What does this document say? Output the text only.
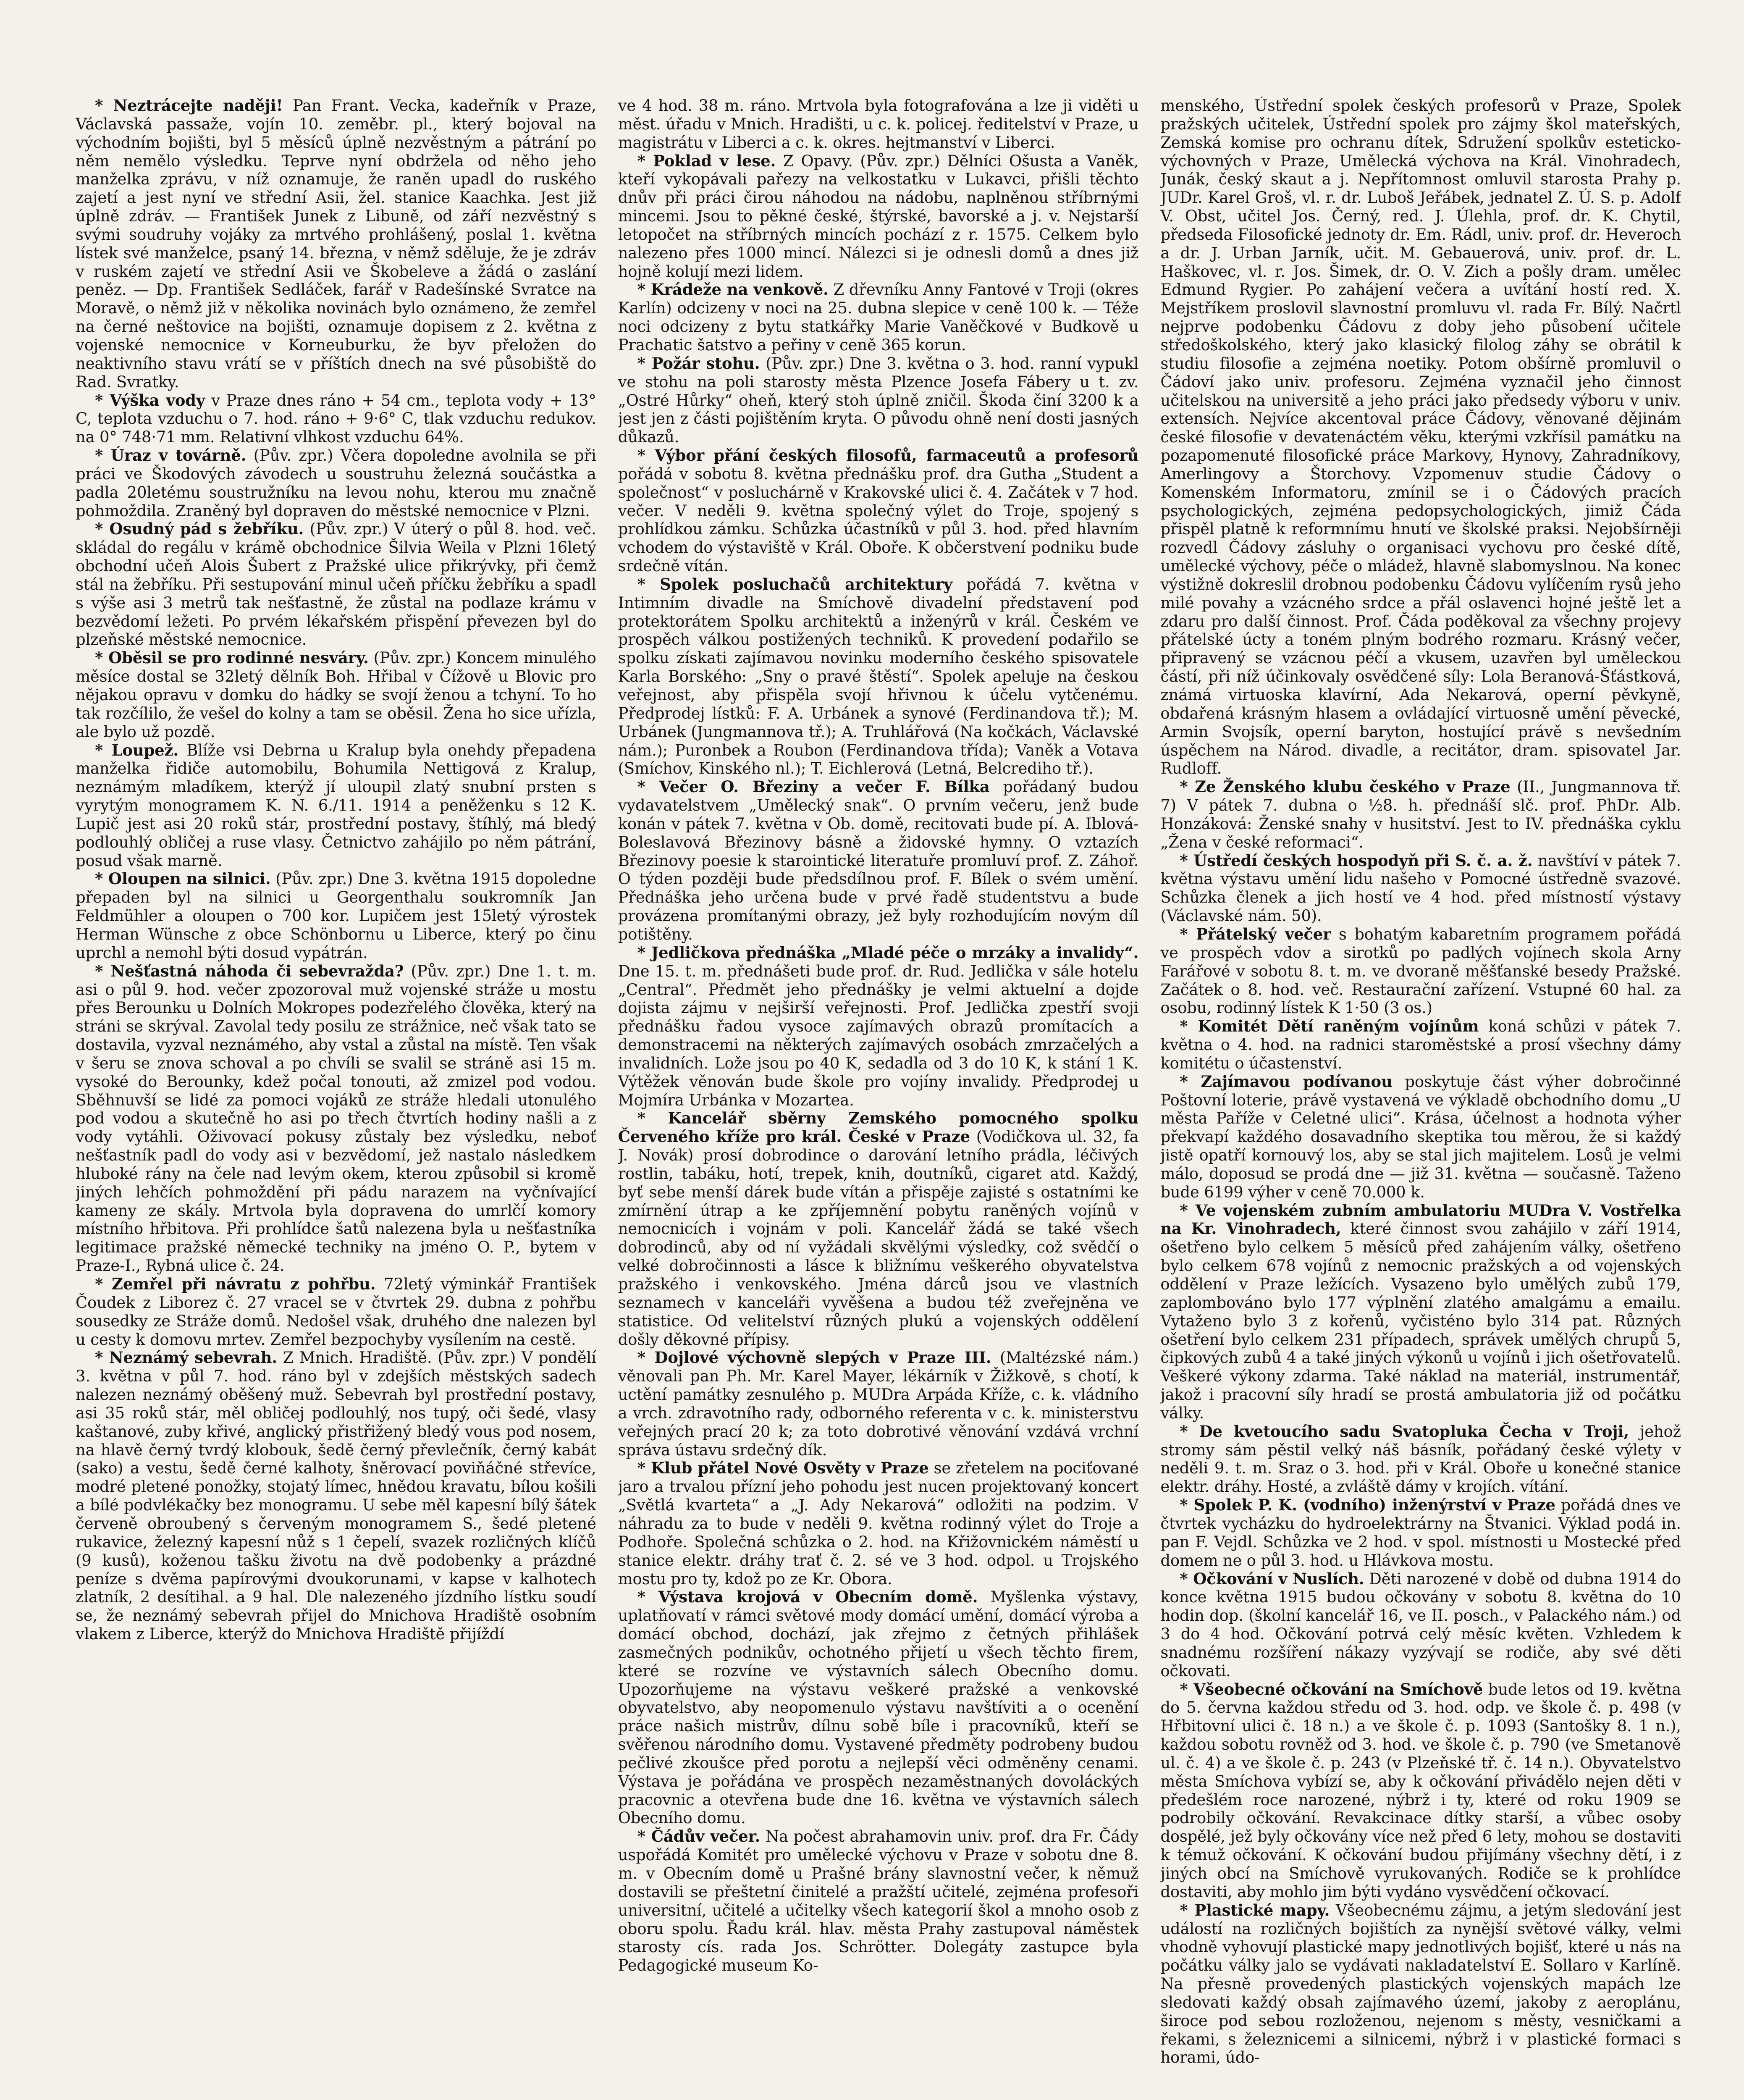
* Neztrácejte naději! Pan Frant. Vecka, kadeřník v Praze, Václavská passaže, vojín 10. zeměbr. pl., který bojoval na východním bojišti, byl 5 měsíců úplně nezvěstným a pátrání po něm nemělo výsledku. Teprve nyní obdržela od něho jeho manželka zprávu, v níž oznamuje, že raněn upadl do ruského zajetí a jest nyní ve střední Asii, žel. stanice Kaachka. Jest již úplně zdráv. — František Junek z Libuně, od září nezvěstný s svými soudruhy vojáky za mrtvého prohlášený, poslal 1. května lístek své manželce, psaný 14. března, v němž sděluje, že je zdráv v ruském zajetí ve střední Asii ve Škobeleve a žádá o zaslání peněz. — Dp. František Sedláček, farář v Radešínské Svratce na Moravě, o němž již v několika novinách bylo oznámeno, že zemřel na černé neštovice na bojišti, oznamuje dopisem z 2. května z vojenské nemocnice v Korneuburku, že byv přeložen do neaktivního stavu vrátí se v příštích dnech na své působiště do Rad. Svratky.

* Výška vody v Praze dnes ráno + 54 cm., teplota vody + 13° C, teplota vzduchu o 7. hod. ráno + 9·6° C, tlak vzduchu redukov. na 0° 748·71 mm. Relativní vlhkost vzduchu 64%.

* Úraz v továrně. (Pův. zpr.) Včera dopoledne avolnila se při práci ve Škodových závodech u soustruhu železná součástka a padla 20letému soustružníku na levou nohu, kterou mu značně pohmoždila. Zraněný byl dopraven do městské nemocnice v Plzni.

* Osudný pád s žebříku. (Pův. zpr.) V úterý o půl 8. hod. več. skládal do regálu v krámě obchodnice Šilvia Weila v Plzni 16letý obchodní učeň Alois Šubert z Pražské ulice přikrývky, při čemž stál na žebříku. Při sestupování minul učeň příčku žebříku a spadl s výše asi 3 metrů tak nešťastně, že zůstal na podlaze krámu v bezvědomí ležeti. Po prvém lékařském přispění převezen byl do plzeňské městské nemocnice.

* Oběsil se pro rodinné nesváry. (Pův. zpr.) Koncem minulého měsíce dostal se 32letý dělník Boh. Hřibal v Čížově u Blovic pro nějakou opravu v domku do hádky se svojí ženou a tchyní. To ho tak rozčílilo, že vešel do kolny a tam se oběsil. Žena ho sice uřízla, ale bylo už pozdě.

* Loupež. Blíže vsi Debrna u Kralup byla onehdy přepadena manželka řidiče automobilu, Bohumila Nettigová z Kralup, neznámým mladíkem, kterýž jí uloupil zlatý snubní prsten s vyrytým monogramem K. N. 6./11. 1914 a peněženku s 12 K. Lupič jest asi 20 roků stár, prostřední postavy, štíhlý, má bledý podlouhlý obličej a ruse vlasy. Četnictvo zahájilo po něm pátrání, posud však marně.

* Oloupen na silnici. (Pův. zpr.) Dne 3. května 1915 dopoledne přepaden byl na silnici u Georgenthalu soukromník Jan Feldmühler a oloupen o 700 kor. Lupičem jest 15letý výrostek Herman Wünsche z obce Schönbornu u Liberce, který po činu uprchl a nemohl býti dosud vypátrán.

* Nešťastná náhoda či sebevražda? (Pův. zpr.) Dne 1. t. m. asi o půl 9. hod. večer zpozoroval muž vojenské stráže u mostu přes Berounku u Dolních Mokropes podezřelého člověka, který na stráni se skrýval. Zavolal tedy posilu ze strážnice, neč však tato se dostavila, vyzval neznámého, aby vstal a zůstal na místě. Ten však v šeru se znova schoval a po chvíli se svalil se stráně asi 15 m. vysoké do Berounky, kdež počal tonouti, až zmizel pod vodou. Sběhnuvší se lidé za pomoci vojáků ze stráže hledali utonulého pod vodou a skutečně ho asi po třech čtvrtích hodiny našli a z vody vytáhli. Oživovací pokusy zůstaly bez výsledku, neboť nešťastník padl do vody asi v bezvědomí, jež nastalo následkem hluboké rány na čele nad levým okem, kterou způsobil si kromě jiných lehčích pohmoždění při pádu narazem na vyčnívající kameny ze skály. Mrtvola byla dopravena do umrlčí komory místního hřbitova. Při prohlídce šatů nalezena byla u nešťastníka legitimace pražské německé techniky na jméno O. P., bytem v Praze-I., Rybná ulice č. 24.

* Zemřel při návratu z pohřbu. 72letý výminkář František Čoudek z Liborez č. 27 vracel se v čtvrtek 29. dubna z pohřbu sousedky ze Stráže domů. Nedošel však, druhého dne nalezen byl u cesty k domovu mrtev. Zemřel bezpochyby vysílením na cestě.

* Neznámý sebevrah. Z Mnich. Hradiště. (Pův. zpr.) V pondělí 3. května v půl 7. hod. ráno byl v zdejších městských sadech nalezen neznámý oběšený muž. Sebevrah byl prostřední postavy, asi 35 roků stár, měl obličej podlouhlý, nos tupý, oči šedé, vlasy kaštanové, zuby křivé, anglický přistřižený bledý vous pod nosem, na hlavě černý tvrdý klobouk, šedě černý převlečník, černý kabát (sako) a vestu, šedě černé kalhoty, šněrovací poviňáčné střevíce, modré pletené ponožky, stojatý límec, hnědou kravatu, bílou košili a bílé podvlékačky bez monogramu. U sebe měl kapesní bílý šátek červeně obroubený s červeným monogramem S., šedé pletené rukavice, železný kapesní nůž s 1 čepelí, svazek rozličných klíčů (9 kusů), koženou tašku životu na dvě podobenky a prázdné peníze s dvěma papírovými dvoukorunami, v kapse v kalhotech zlatník, 2 desítihal. a 9 hal. Dle nalezeného jízdního lístku soudí se, že neznámý sebevrah přijel do Mnichova Hradiště osobním vlakem z Liberce, kterýž do Mnichova Hradiště přijíždí

ve 4 hod. 38 m. ráno. Mrtvola byla fotografována a lze ji viděti u měst. úřadu v Mnich. Hradišti, u c. k. policej. ředitelství v Praze, u magistrátu v Liberci a c. k. okres. hejtmanství v Liberci.

* Poklad v lese. Z Opavy. (Pův. zpr.) Dělníci Ošusta a Vaněk, kteří vykopávali pařezy na velkostatku v Lukavci, přišli těchto dnův při práci čirou náhodou na nádobu, naplněnou stříbrnými mincemi. Jsou to pěkné české, štýrské, bavorské a j. v. Nejstarší letopočet na stříbrných mincích pochází z r. 1575. Celkem bylo nalezeno přes 1000 mincí. Nálezci si je odnesli domů a dnes již hojně kolují mezi lidem.

* Krádeže na venkově. Z dřevníku Anny Fantové v Troji (okres Karlín) odcizeny v noci na 25. dubna slepice v ceně 100 k. — Téže noci odcizeny z bytu statkářky Marie Vaněčkové v Budkově u Prachatic šatstvo a peřiny v ceně 365 korun.

* Požár stohu. (Pův. zpr.) Dne 3. května o 3. hod. ranní vypukl ve stohu na poli starosty města Plzence Josefa Fábery u t. zv. „Ostré Hůrky“ oheň, který stoh úplně zničil. Škoda činí 3200 k a jest jen z části pojištěním kryta. O původu ohně není dosti jasných důkazů.

* Výbor přání českých filosofů, farmaceutů a profesorů pořádá v sobotu 8. května přednášku prof. dra Gutha „Student a společnost“ v posluchárně v Krakovské ulici č. 4. Začátek v 7 hod. večer. V neděli 9. května společný výlet do Troje, spojený s prohlídkou zámku. Schůzka účastníků v půl 3. hod. před hlavním vchodem do výstaviště v Král. Oboře. K občerstvení podniku bude srdečně vítán.

* Spolek posluchačů architektury pořádá 7. května v Intimním divadle na Smíchově divadelní představení pod protektorátem Spolku architektů a inženýrů v král. Českém ve prospěch válkou postižených techniků. K provedení podařilo se spolku získati zajímavou novinku moderního českého spisovatele Karla Borského: „Sny o pravé štěstí“. Spolek apeluje na českou veřejnost, aby přispěla svojí hřivnou k účelu vytčenému. Předprodej lístků: F. A. Urbánek a synové (Ferdinandova tř.); M. Urbánek (Jungmannova tř.); A. Truhlářová (Na kočkách, Václavské nám.); Puronbek a Roubon (Ferdinandova třída); Vaněk a Votava (Smíchov, Kinského nl.); T. Eichlerová (Letná, Belcrediho tř.).

* Večer O. Březiny a večer F. Bílka pořádaný budou vydavatelstvem „Umělecký snak“. O prvním večeru, jenž bude konán v pátek 7. května v Ob. domě, recitovati bude pí. A. Iblová-Boleslavová Březinovy básně a židovské hymny. O vztazích Březinovy poesie k starointické literatuře promluví prof. Z. Záhoř. O týden později bude předsdílnou prof. F. Bílek o svém umění. Přednáška jeho určena bude v prvé řadě studentstvu a bude provázena promítanými obrazy, jež byly rozhodujícím novým díl potištěny.

* Jedličkova přednáška „Mladé péče o mrzáky a invalidy“. Dne 15. t. m. přednášeti bude prof. dr. Rud. Jedlička v sále hotelu „Central“. Předmět jeho přednášky je velmi aktuelní a dojde dojista zájmu v nejširší veřejnosti. Prof. Jedlička zpestří svoji přednášku řadou vysoce zajímavých obrazů promítacích a demonstracemi na některých zajímavých osobách zmrzačelých a invalidních. Lože jsou po 40 K, sedadla od 3 do 10 K, k stání 1 K. Výtěžek věnován bude škole pro vojíny invalidy. Předprodej u Mojmíra Urbánka v Mozartea.

* Kancelář sběrny Zemského pomocného spolku Červeného kříže pro král. České v Praze (Vodičkova ul. 32, fa J. Novák) prosí dobrodince o darování letního prádla, léčivých rostlin, tabáku, hotí, trepek, knih, doutníků, cigaret atd. Každý, byť sebe menší dárek bude vítán a přispěje zajisté s ostatními ke zmírnění útrap a ke zpříjemnění pobytu raněných vojínů v nemocnicích i vojnám v poli. Kancelář žádá se také všech dobrodinců, aby od ní vyžádali skvělými výsledky, což svědčí o velké dobročinnosti a lásce k bližnímu veškerého obyvatelstva pražského i venkovského. Jména dárců jsou ve vlastních seznamech v kanceláři vyvěšena a budou též zveřejněna ve statistice. Od velitelství různých plukú a vojenských oddělení došly děkovné přípisy.

* Dojlové výchovně slepých v Praze III. (Maltézské nám.) věnovali pan Ph. Mr. Karel Mayer, lékárník v Žižkově, s chotí, k uctění památky zesnulého p. MUDra Arpáda Kříže, c. k. vládního a vrch. zdravotního rady, odborného referenta v c. k. ministerstvu veřejných prací 20 k; za toto dobrotivé věnování vzdává vrchní správa ústavu srdečný dík.

* Klub přátel Nové Osvěty v Praze se zřetelem na pociťované jaro a trvalou přízní jeho pohodu jest nucen projektovaný koncert „Světlá kvarteta“ a „J. Ady Nekarová“ odložiti na podzim. V náhradu za to bude v neděli 9. května rodinný výlet do Troje a Podhoře. Společná schůzka o 2. hod. na Křižovnickém náměstí u stanice elektr. dráhy trať č. 2. sé ve 3 hod. odpol. u Trojského mostu pro ty, kdož po ze Kr. Obora.

* Výstava krojová v Obecním domě. Myšlenka výstavy, uplatňovatí v rámci světové mody domácí umění, domácí výroba a domácí obchod, dochází, jak zřejmo z četných přihlášek zasmečných podnikův, ochotného přijetí u všech těchto firem, které se rozvíne ve výstavních sálech Obecního domu. Upozorňujeme na výstavu veškeré pražské a venkovské obyvatelstvo, aby neopomenulo výstavu navštíviti a o ocenění práce našich mistrův, dílnu sobě bíle i pracovníků, kteří se svěřenou národního domu. Vystavené předměty podrobeny budou pečlivé zkoušce před porotu a nejlepší věci odměněny cenami. Výstava je pořádána ve prospěch nezaměstnaných dovoláckých pracovnic a otevřena bude dne 16. května ve výstavních sálech Obecního domu.

* Čádův večer. Na počest abrahamovin univ. prof. dra Fr. Čády uspořádá Komitét pro umělecké výchovu v Praze v sobotu dne 8. m. v Obecním domě u Prašné brány slavnostní večer, k němuž dostavili se přeštetní činitelé a pražští učitelé, zejména profesoři universitní, učitelé a učitelky všech kategorií škol a mnoho osob z oboru spolu. Řadu král. hlav. města Prahy zastupoval náměstek starosty cís. rada Jos. Schrötter. Dolegáty zastupce byla Pedagogické museum Ko-

menského, Ústřední spolek českých profesorů v Praze, Spolek pražských učitelek, Ústřední spolek pro zájmy škol mateřských, Zemská komise pro ochranu dítek, Sdružení spolkův esteticko-výchovných v Praze, Umělecká výchova na Král. Vinohradech, Junák, český skaut a j. Nepřítomnost omluvil starosta Prahy p. JUDr. Karel Groš, vl. r. dr. Luboš Jeřábek, jednatel Z. Ú. S. p. Adolf V. Obst, učitel Jos. Černý, red. J. Úlehla, prof. dr. K. Chytil, předseda Filosofické jednoty dr. Em. Rádl, univ. prof. dr. Heveroch a dr. J. Urban Jarník, učit. M. Gebauerová, univ. prof. dr. L. Haškovec, vl. r. Jos. Šimek, dr. O. V. Zich a pošly dram. umělec Edmund Rygier. Po zahájení večera a uvítání hostí red. X. Mejstříkem proslovil slavnostní promluvu vl. rada Fr. Bílý. Načrtl nejprve podobenku Čádovu z doby jeho působení učitele středoškolského, který jako klasický filolog záhy se obrátil k studiu filosofie a zejména noetiky. Potom obšírně promluvil o Čádoví jako univ. profesoru. Zejména vyznačil jeho činnost učitelskou na universitě a jeho práci jako předsedy výboru v univ. extensích. Nejvíce akcentoval práce Čádovy, věnované dějinám české filosofie v devatenáctém věku, kterými vzkřísil památku na pozapomenuté filosofické práce Markovy, Hynovy, Zahradníkovy, Amerlingovy a Štorchovy. Vzpomenuv studie Čádovy o Komenském Informatoru, zmínil se i o Čádových pracích psychologických, zejména pedopsychologických, jimiž Čáda přispěl platně k reformnímu hnutí ve školské praksi. Nejobšírněji rozvedl Čádovy zásluhy o organisaci vychovu pro české dítě, umělecké výchovy, péče o mládež, hlavně slabomyslnou. Na konec výstižně dokreslil drobnou podobenku Čádovu vylíčením rysů jeho milé povahy a vzácného srdce a přál oslavenci hojné ještě let a zdaru pro další činnost. Prof. Čáda poděkoval za všechny projevy přátelské úcty a toném plným bodrého rozmaru. Krásný večer, připravený se vzácnou péčí a vkusem, uzavřen byl uměleckou částí, při níž účinkovaly osvědčené síly: Lola Beranová-Šťástková, známá virtuoska klavírní, Ada Nekarová, operní pěvkyně, obdařená krásným hlasem a ovládající virtuosně umění pěvecké, Armin Svojsík, operní baryton, hostující právě s nevšedním úspěchem na Národ. divadle, a recitátor, dram. spisovatel Jar. Rudloff.

* Ze Ženského klubu českého v Praze (II., Jungmannova tř. 7) V pátek 7. dubna o ½8. h. přednáší slč. prof. PhDr. Alb. Honzáková: Ženské snahy v husitství. Jest to IV. přednáška cyklu „Žena v české reformaci“.

* Ústředí českých hospodyň při S. č. a. ž. navštíví v pátek 7. května výstavu umění lidu našeho v Pomocné ústředně svazové. Schůzka členek a jich hostí ve 4 hod. před místností výstavy (Václavské nám. 50).

* Přátelský večer s bohatým kabaretním programem pořádá ve prospěch vdov a sirotků po padlých vojínech skola Arny Farářové v sobotu 8. t. m. ve dvoraně měšťanské besedy Pražské. Začátek o 8. hod. več. Restaurační zařízení. Vstupné 60 hal. za osobu, rodinný lístek K 1·50 (3 os.)

* Komitét Dětí raněným vojínům koná schůzi v pátek 7. května o 4. hod. na radnici staroměstské a prosí všechny dámy komitétu o účastenství.

* Zajímavou podívanou poskytuje část výher dobročinné Poštovní loterie, právě vystavená ve výkladě obchodního domu „U města Paříže v Celetné ulici“. Krása, účelnost a hodnota výher překvapí každého dosavadního skeptika tou měrou, že si každý jistě opatří kornouvý los, aby se stal jich majitelem. Losů je velmi málo, doposud se prodá dne — již 31. května — současně. Taženo bude 6199 výher v ceně 70.000 k.

* Ve vojenském zubním ambulatoriu MUDra V. Vostřelka na Kr. Vinohradech, které činnost svou zahájilo v září 1914, ošetřeno bylo celkem 5 měsíců před zahájením války, ošetřeno bylo celkem 678 vojínů z nemocnic pražských a od vojenských oddělení v Praze ležících. Vysazeno bylo umělých zubů 179, zaplombováno bylo 177 výplnění zlatého amalgámu a emailu. Vytaženo bylo 3 z kořenů, vyčisténo bylo 314 pat. Různých ošetření bylo celkem 231 případech, správek umělých chrupů 5, čipkových zubů 4 a také jiných výkonů u vojínů i jich ošetřovatelů. Veškeré výkony zdarma. Také náklad na materiál, instrumentář, jakož i pracovní síly hradí se prostá ambulatoria již od počátku války.

* De kvetoucího sadu Svatopluka Čecha v Troji, jehož stromy sám pěstil velký náš básník, pořádaný české výlety v neděli 9. t. m. Sraz o 3. hod. při v Král. Oboře u konečné stanice elektr. dráhy. Hosté, a zvláště dámy v krojích. vítání.

* Spolek P. K. (vodního) inženýrství v Praze pořádá dnes ve čtvrtek vycházku do hydroelektrárny na Štvanici. Výklad podá in. pan F. Vejdl. Schůzka ve 2 hod. v spol. místnosti u Mostecké před domem ne o půl 3. hod. u Hlávkova mostu.

* Očkování v Nuslích. Děti narozené v době od dubna 1914 do konce května 1915 budou očkovány v sobotu 8. května do 10 hodin dop. (školní kancelář 16, ve II. posch., v Palackého nám.) od 3 do 4 hod. Očkování potrvá celý měsíc květen. Vzhledem k snadnému rozšíření nákazy vyzývají se rodiče, aby své děti očkovati.

* Všeobecné očkování na Smíchově bude letos od 19. května do 5. června každou středu od 3. hod. odp. ve škole č. p. 498 (v Hřbitovní ulici č. 18 n.) a ve škole č. p. 1093 (Santošky 8. 1 n.), každou sobotu rovněž od 3. hod. ve škole č. p. 790 (ve Smetanově ul. č. 4) a ve škole č. p. 243 (v Plzeňské tř. č. 14 n.). Obyvatelstvo města Smíchova vybízí se, aby k očkování přivádělo nejen děti v předešlém roce narozené, nýbrž i ty, které od roku 1909 se podrobily očkování. Revakcinace dítky starší, a vůbec osoby dospělé, jež byly očkovány více než před 6 lety, mohou se dostaviti k témuž očkování. K očkování budou přijímány všechny dětí, i z jiných obcí na Smíchově vyrukovaných. Rodiče se k prohlídce dostaviti, aby mohlo jim býti vydáno vysvědčení očkovací.

* Plastické mapy. Všeobecnému zájmu, a jetým sledování jest událostí na rozličných bojištích za nynější světové války, velmi vhodně vyhovují plastické mapy jednotlivých bojišť, které u nás na počátku války jalo se vydávati nakladatelství E. Sollaro v Karlíně. Na přesně provedených plastických vojenských mapách lze sledovati každý obsah zajímavého území, jakoby z aeroplánu, široce pod sebou rozloženou, nejenom s městy, vesničkami a řekami, s železnicemi a silnicemi, nýbrž i v plastické formaci s horami, údo-
